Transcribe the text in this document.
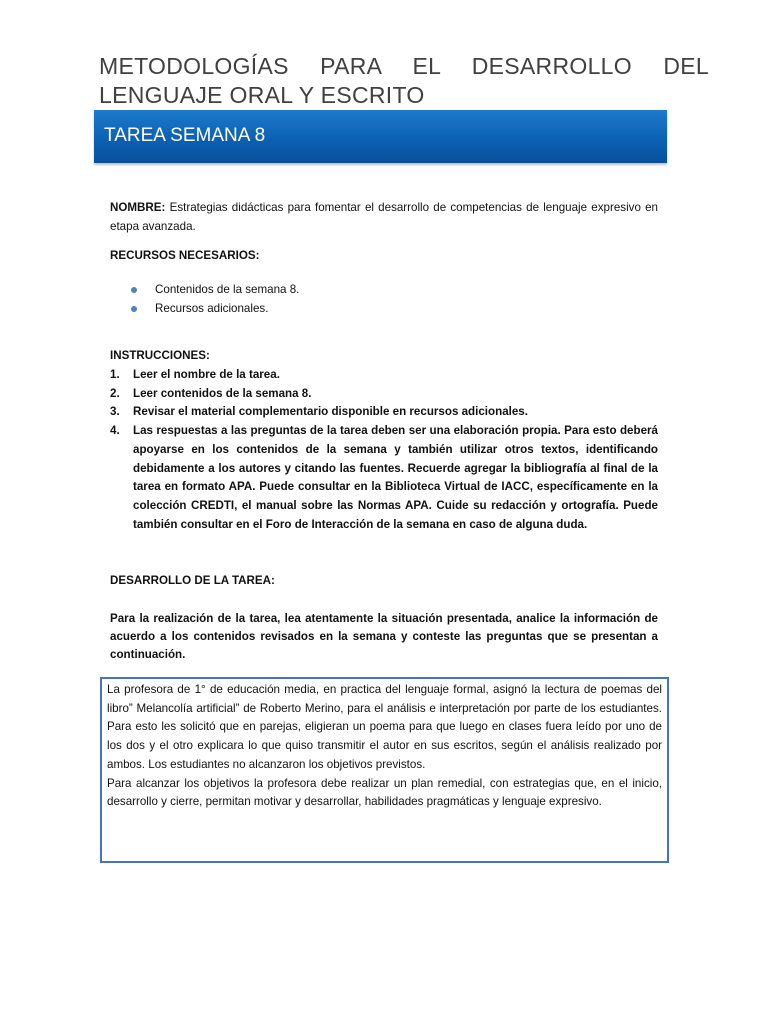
METODOLOGÍAS PARA EL DESARROLLO DEL LENGUAJE ORAL Y ESCRITO
TAREA SEMANA 8
NOMBRE: Estrategias didácticas para fomentar el desarrollo de competencias de lenguaje expresivo en etapa avanzada.
RECURSOS NECESARIOS:
Contenidos de la semana 8.
Recursos adicionales.
INSTRUCCIONES:
1. Leer el nombre de la tarea.
2. Leer contenidos de la semana 8.
3. Revisar el material complementario disponible en recursos adicionales.
4. Las respuestas a las preguntas de la tarea deben ser una elaboración propia. Para esto deberá apoyarse en los contenidos de la semana y también utilizar otros textos, identificando debidamente a los autores y citando las fuentes. Recuerde agregar la bibliografía al final de la tarea en formato APA. Puede consultar en la Biblioteca Virtual de IACC, específicamente en la colección CREDTI, el manual sobre las Normas APA. Cuide su redacción y ortografía. Puede también consultar en el Foro de Interacción de la semana en caso de alguna duda.
DESARROLLO DE LA TAREA:
Para la realización de la tarea, lea atentamente la situación presentada, analice la información de acuerdo a los contenidos revisados en la semana y conteste las preguntas que se presentan a continuación.

La profesora de 1° de educación media, en practica del lenguaje formal, asignó la lectura de poemas del libro” Melancolía artificial” de Roberto Merino, para el análisis e interpretación por parte de los estudiantes. Para esto les solicitó que en parejas, eligieran un poema para que luego en clases fuera leído por uno de los dos y el otro explicara lo que quiso transmitir el autor en sus escritos, según el análisis realizado por ambos. Los estudiantes no alcanzaron los objetivos previstos.

Para alcanzar los objetivos la profesora debe realizar un plan remedial, con estrategias que, en el inicio, desarrollo y cierre, permitan motivar y desarrollar, habilidades pragmáticas y lenguaje expresivo.
